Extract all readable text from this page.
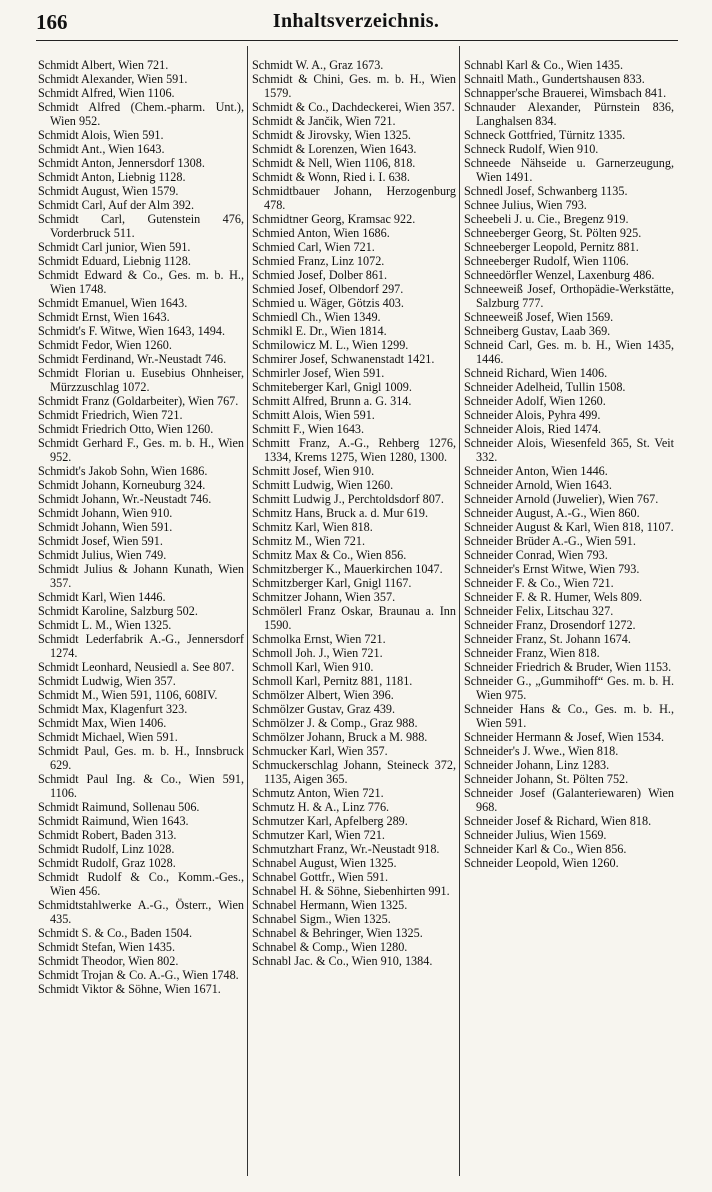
166	Inhaltsverzeichnis.

Schmidt Albert, Wien 721.

Schmidt Alexander, Wien 591.

Schmidt Alfred, Wien 1106.

Schmidt Alfred (Chem.-pharm. Unt.), Wien 952.

Schmidt Alois, Wien 591.

Schmidt Ant., Wien 1643.

Schmidt Anton, Jennersdorf 1308.

Schmidt Anton, Liebnig 1128.

Schmidt August, Wien 1579.

Schmidt Carl, Auf der Alm 392.

Schmidt Carl, Gutenstein 476, Vorderbruck 511.

Schmidt Carl junior, Wien 591.

Schmidt Eduard, Liebnig 1128.

Schmidt Edward & Co., Ges. m. b. H., Wien 1748.

Schmidt Emanuel, Wien 1643.

Schmidt Ernst, Wien 1643.

Schmidt's F. Witwe, Wien 1643, 1494.

Schmidt Fedor, Wien 1260.

Schmidt Ferdinand, Wr.-Neustadt 746.

Schmidt Florian u. Eusebius Ohnheiser, Mürzzuschlag 1072.

Schmidt Franz (Goldarbeiter), Wien 767.

Schmidt Friedrich, Wien 721.

Schmidt Friedrich Otto, Wien 1260.

Schmidt Gerhard F., Ges. m. b. H., Wien 952.

Schmidt's Jakob Sohn, Wien 1686.

Schmidt Johann, Korneuburg 324.

Schmidt Johann, Wr.-Neustadt 746.

Schmidt Johann, Wien 910.

Schmidt Johann, Wien 591.

Schmidt Josef, Wien 591.

Schmidt Julius, Wien 749.

Schmidt Julius & Johann Kunath, Wien 357.

Schmidt Karl, Wien 1446.

Schmidt Karoline, Salzburg 502.

Schmidt L. M., Wien 1325.

Schmidt Lederfabrik A.-G., Jennersdorf 1274.

Schmidt Leonhard, Neusiedl a. See 807.

Schmidt Ludwig, Wien 357.

Schmidt M., Wien 591, 1106, 608IV.

Schmidt Max, Klagenfurt 323.

Schmidt Max, Wien 1406.

Schmidt Michael, Wien 591.

Schmidt Paul, Ges. m. b. H., Innsbruck 629.

Schmidt Paul Ing. & Co., Wien 591, 1106.

Schmidt Raimund, Sollenau 506.

Schmidt Raimund, Wien 1643.

Schmidt Robert, Baden 313.

Schmidt Rudolf, Linz 1028.

Schmidt Rudolf, Graz 1028.

Schmidt Rudolf & Co., Komm.-Ges., Wien 456.

Schmidtstahlwerke A.-G., Österr., Wien 435.

Schmidt S. & Co., Baden 1504.

Schmidt Stefan, Wien 1435.

Schmidt Theodor, Wien 802.

Schmidt Trojan & Co. A.-G., Wien 1748.

Schmidt Viktor & Söhne, Wien 1671.

Schmidt W. A., Graz 1673.

Schmidt & Chini, Ges. m. b. H., Wien 1579.

Schmidt & Co., Dachdeckerei, Wien 357.

Schmidt & Jančik, Wien 721.

Schmidt & Jirovsky, Wien 1325.

Schmidt & Lorenzen, Wien 1643.

Schmidt & Nell, Wien 1106, 818.

Schmidt & Wonn, Ried i. I. 638.

Schmidtbauer Johann, Herzogenburg 478.

Schmidtner Georg, Kramsac 922.

Schmied Anton, Wien 1686.

Schmied Carl, Wien 721.

Schmied Franz, Linz 1072.

Schmied Josef, Dolber 861.

Schmied Josef, Olbendorf 297.

Schmied u. Wäger, Götzis 403.

Schmiedl Ch., Wien 1349.

Schmikl E. Dr., Wien 1814.

Schmilowicz M. L., Wien 1299.

Schmirer Josef, Schwanenstadt 1421.

Schmirler Josef, Wien 591.

Schmiteberger Karl, Gnigl 1009.

Schmitt Alfred, Brunn a. G. 314.

Schmitt Alois, Wien 591.

Schmitt F., Wien 1643.

Schmitt Franz, A.-G., Rehberg 1276, 1334, Krems 1275, Wien 1280, 1300.

Schmitt Josef, Wien 910.

Schmitt Ludwig, Wien 1260.

Schmitt Ludwig J., Perchtoldsdorf 807.

Schmitz Hans, Bruck a. d. Mur 619.

Schmitz Karl, Wien 818.

Schmitz M., Wien 721.

Schmitz Max & Co., Wien 856.

Schmitzberger K., Mauerkirchen 1047.

Schmitzberger Karl, Gnigl 1167.

Schmitzer Johann, Wien 357.

Schmölerl Franz Oskar, Braunau a. Inn 1590.

Schmolka Ernst, Wien 721.

Schmoll Joh. J., Wien 721.

Schmoll Karl, Wien 910.

Schmoll Karl, Pernitz 881, 1181.

Schmölzer Albert, Wien 396.

Schmölzer Gustav, Graz 439.

Schmölzer J. & Comp., Graz 988.

Schmölzer Johann, Bruck a M. 988.

Schmucker Karl, Wien 357.

Schmuckerschlag Johann, Steineck 372, 1135, Aigen 365.

Schmutz Anton, Wien 721.

Schmutz H. & A., Linz 776.

Schmutzer Karl, Apfelberg 289.

Schmutzer Karl, Wien 721.

Schmutzhart Franz, Wr.-Neustadt 918.

Schnabel August, Wien 1325.

Schnabel Gottfr., Wien 591.

Schnabel H. & Söhne, Siebenhirten 991.

Schnabel Hermann, Wien 1325.

Schnabel Sigm., Wien 1325.

Schnabel & Behringer, Wien 1325.

Schnabel & Comp., Wien 1280.

Schnabl Jac. & Co., Wien 910, 1384.

Schnabl Karl & Co., Wien 1435.

Schnaitl Math., Gundertshausen 833.

Schnapper'sche Brauerei, Wimsbach 841.

Schnauder Alexander, Pürnstein 836, Langhalsen 834.

Schneck Gottfried, Türnitz 1335.

Schneck Rudolf, Wien 910.

Schneede Nähseide u. Garnerzeugung, Wien 1491.

Schnedl Josef, Schwanberg 1135.

Schnee Julius, Wien 793.

Scheebeli J. u. Cie., Bregenz 919.

Schneeberger Georg, St. Pölten 925.

Schneeberger Leopold, Pernitz 881.

Schneeberger Rudolf, Wien 1106.

Schneedörfler Wenzel, Laxenburg 486.

Schneeweiß Josef, Orthopädie-Werkstätte, Salzburg 777.

Schneeweiß Josef, Wien 1569.

Schneiberg Gustav, Laab 369.

Schneid Carl, Ges. m. b. H., Wien 1435, 1446.

Schneid Richard, Wien 1406.

Schneider Adelheid, Tullin 1508.

Schneider Adolf, Wien 1260.

Schneider Alois, Pyhra 499.

Schneider Alois, Ried 1474.

Schneider Alois, Wiesenfeld 365, St. Veit 332.

Schneider Anton, Wien 1446.

Schneider Arnold, Wien 1643.

Schneider Arnold (Juwelier), Wien 767.

Schneider August, A.-G., Wien 860.

Schneider August & Karl, Wien 818, 1107.

Schneider Brüder A.-G., Wien 591.

Schneider Conrad, Wien 793.

Schneider's Ernst Witwe, Wien 793.

Schneider F. & Co., Wien 721.

Schneider F. & R. Humer, Wels 809.

Schneider Felix, Litschau 327.

Schneider Franz, Drosendorf 1272.

Schneider Franz, St. Johann 1674.

Schneider Franz, Wien 818.

Schneider Friedrich & Bruder, Wien 1153.

Schneider G., „Gummihoff“ Ges. m. b. H. Wien 975.

Schneider Hans & Co., Ges. m. b. H., Wien 591.

Schneider Hermann & Josef, Wien 1534.

Schneider's J. Wwe., Wien 818.

Schneider Johann, Linz 1283.

Schneider Johann, St. Pölten 752.

Schneider Josef (Galanteriewaren) Wien 968.

Schneider Josef & Richard, Wien 818.

Schneider Julius, Wien 1569.

Schneider Karl & Co., Wien 856.

Schneider Leopold, Wien 1260.
